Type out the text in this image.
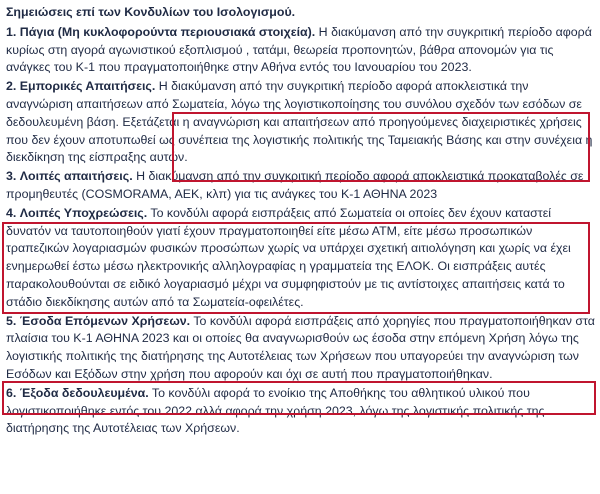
Σημειώσεις επί των Κονδυλίων του Ισολογισμού.
1. Πάγια (Μη κυκλοφορούντα περιουσιακά στοιχεία). Η διακύμανση από την συγκριτική περίοδο αφορά κυρίως στη αγορά αγωνιστικού εξοπλισμού , τατάμι, θεωρεία προπονητών, βάθρα απονομών για τις ανάγκες του Κ-1 που πραγματοποιήθηκε στην Αθήνα εντός του Ιανουαρίου του 2023.
2. Εμπορικές Απαιτήσεις. Η διακύμανση από την συγκριτική περίοδο αφορά αποκλειστικά την αναγνώριση απαιτήσεων από Σωματεία, λόγω της λογιστικοποίησης του συνόλου σχεδόν των εσόδων σε δεδουλευμένη βάση. Εξετάζεται η αναγνώριση και απαιτήσεων από προηγούμενες διαχειριστικές χρήσεις που δεν έχουν αποτυπωθεί ως συνέπεια της λογιστικής πολιτικής της Ταμειακής Βάσης και στην συνέχεια η διεκδίκηση της είσπραξης αυτών.
3. Λοιπές απαιτήσεις. Η διακύμανση από την συγκριτική περίοδο αφορά αποκλειστικά προκαταβολές σε προμηθευτές (COSMORAMA, AEK, κλπ) για τις ανάγκες του Κ-1 ΑΘΗΝΑ 2023
4. Λοιπές Υποχρεώσεις. Το κονδύλι αφορά εισπράξεις από Σωματεία οι οποίες δεν έχουν καταστεί δυνατόν να ταυτοποιηθούν γιατί έχουν πραγματοποιηθεί είτε μέσω ΑΤΜ, είτε μέσω προσωπικών τραπεζικών λογαριασμών φυσικών προσώπων χωρίς να υπάρχει σχετική αιτιολόγηση και χωρίς να έχει ενημερωθεί έστω μέσω ηλεκτρονικής αλληλογραφίας η γραμματεία της ΕΛΟΚ. Οι εισπράξεις αυτές παρακολουθούνται σε ειδικό λογαριασμό μέχρι να συμφηφιστούν με τις αντίστοιχες απαιτήσεις κατά το στάδιο διεκδίκησης αυτών από τα Σωματεία-οφειλέτες.
5. Έσοδα Επόμενων Χρήσεων. Το κονδύλι αφορά εισπράξεις από χορηγίες που πραγματοποιήθηκαν στα πλαίσια του Κ-1 ΑΘΗΝΑ 2023 και οι οποίες θα αναγνωρισθούν ως έσοδα στην επόμενη Χρήση λόγω της λογιστικής πολιτικής της διατήρησης της Αυτοτέλειας των Χρήσεων που υπαγορεύει την αναγνώριση των Εσόδων και Εξόδων στην χρήση που αφορούν και όχι σε αυτή που πραγματοποιήθηκαν.
6. Έξοδα δεδουλευμένα. Το κονδύλι αφορά το ενοίκιο της Αποθήκης του αθλητικού υλικού που λογιστικοποιήθηκε εντός του 2022 αλλά αφορά την χρήση 2023, λόγω της λογιστικής πολιτικής της διατήρησης της Αυτοτέλειας των Χρήσεων.
